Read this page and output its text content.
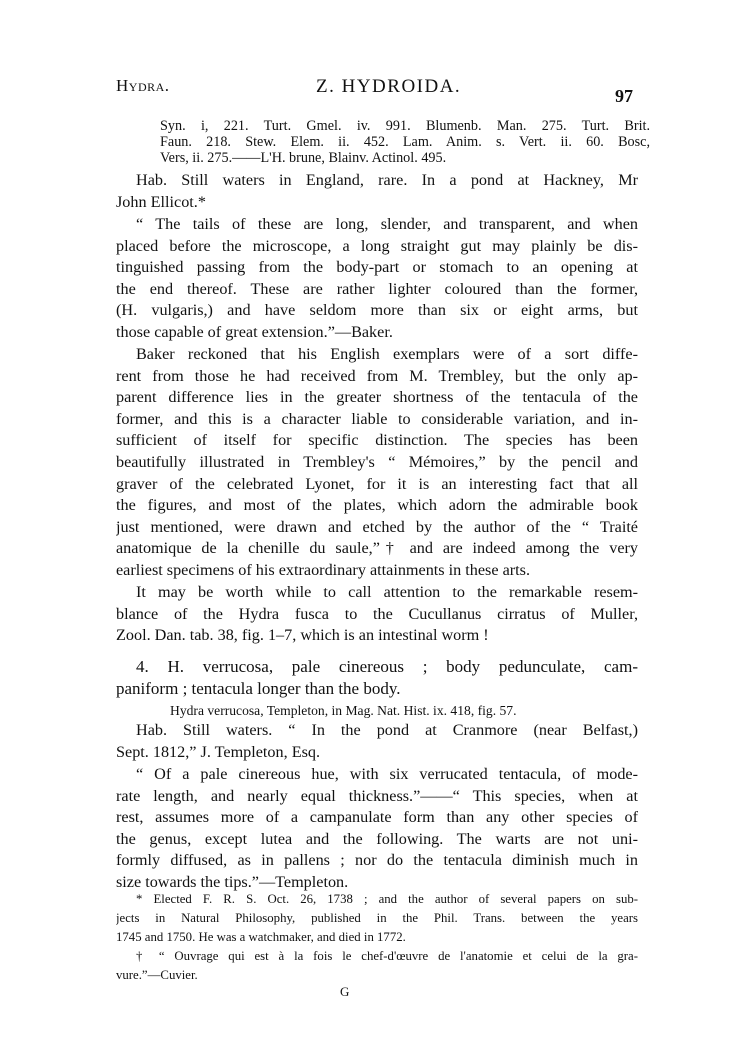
Hydra.	Z. HYDROIDA.	97
Syn. i, 221. Turt. Gmel. iv. 991. Blumenb. Man. 275. Turt. Brit.
Faun. 218. Stew. Elem. ii. 452. Lam. Anim. s. Vert. ii. 60. Bosc,
Vers, ii. 275.——L'H. brune, Blainv. Actinol. 495.
Hab. Still waters in England, rare. In a pond at Hackney, Mr
John Ellicot.*
“ The tails of these are long, slender, and transparent, and when
placed before the microscope, a long straight gut may plainly be dis-
tinguished passing from the body-part or stomach to an opening at
the end thereof. These are rather lighter coloured than the former,
(H. vulgaris,) and have seldom more than six or eight arms, but
those capable of great extension.”—Baker.
Baker reckoned that his English exemplars were of a sort diffe-
rent from those he had received from M. Trembley, but the only ap-
parent difference lies in the greater shortness of the tentacula of the
former, and this is a character liable to considerable variation, and in-
sufficient of itself for specific distinction. The species has been
beautifully illustrated in Trembley's “ Mémoires,” by the pencil and
graver of the celebrated Lyonet, for it is an interesting fact that all
the figures, and most of the plates, which adorn the admirable book
just mentioned, were drawn and etched by the author of the “ Traité
anatomique de la chenille du saule,”† and are indeed among the very
earliest specimens of his extraordinary attainments in these arts.
It may be worth while to call attention to the remarkable resem-
blance of the Hydra fusca to the Cucullanus cirratus of Muller,
Zool. Dan. tab. 38, fig. 1–7, which is an intestinal worm !
4. H. verrucosa, pale cinereous ; body pedunculate, cam-
paniform ; tentacula longer than the body.
Hydra verrucosa, Templeton, in Mag. Nat. Hist. ix. 418, fig. 57.
Hab. Still waters. “ In the pond at Cranmore (near Belfast,)
Sept. 1812,” J. Templeton, Esq.
“ Of a pale cinereous hue, with six verrucated tentacula, of mode-
rate length, and nearly equal thickness.”——“ This species, when at
rest, assumes more of a campanulate form than any other species of
the genus, except lutea and the following. The warts are not uni-
formly diffused, as in pallens ; nor do the tentacula diminish much in
size towards the tips.”—Templeton.
* Elected F. R. S. Oct. 26, 1738 ; and the author of several papers on sub-
jects in Natural Philosophy, published in the Phil. Trans. between the years
1745 and 1750. He was a watchmaker, and died in 1772.
† “ Ouvrage qui est à la fois le chef-d'œuvre de l'anatomie et celui de la gra-
vure.”—Cuvier.
G
